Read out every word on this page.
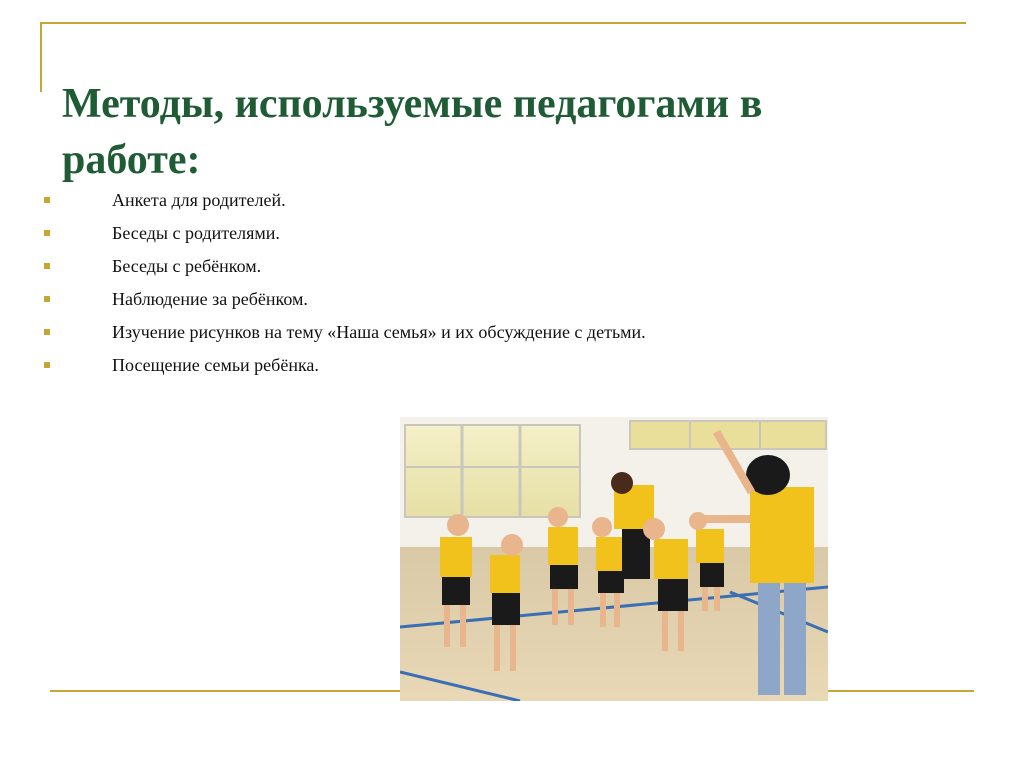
Методы, используемые педагогами в работе:
Анкета для родителей.
Беседы с родителями.
Беседы с ребёнком.
Наблюдение за ребёнком.
Изучение рисунков на тему «Наша семья» и их обсуждение с детьми.
Посещение семьи ребёнка.
